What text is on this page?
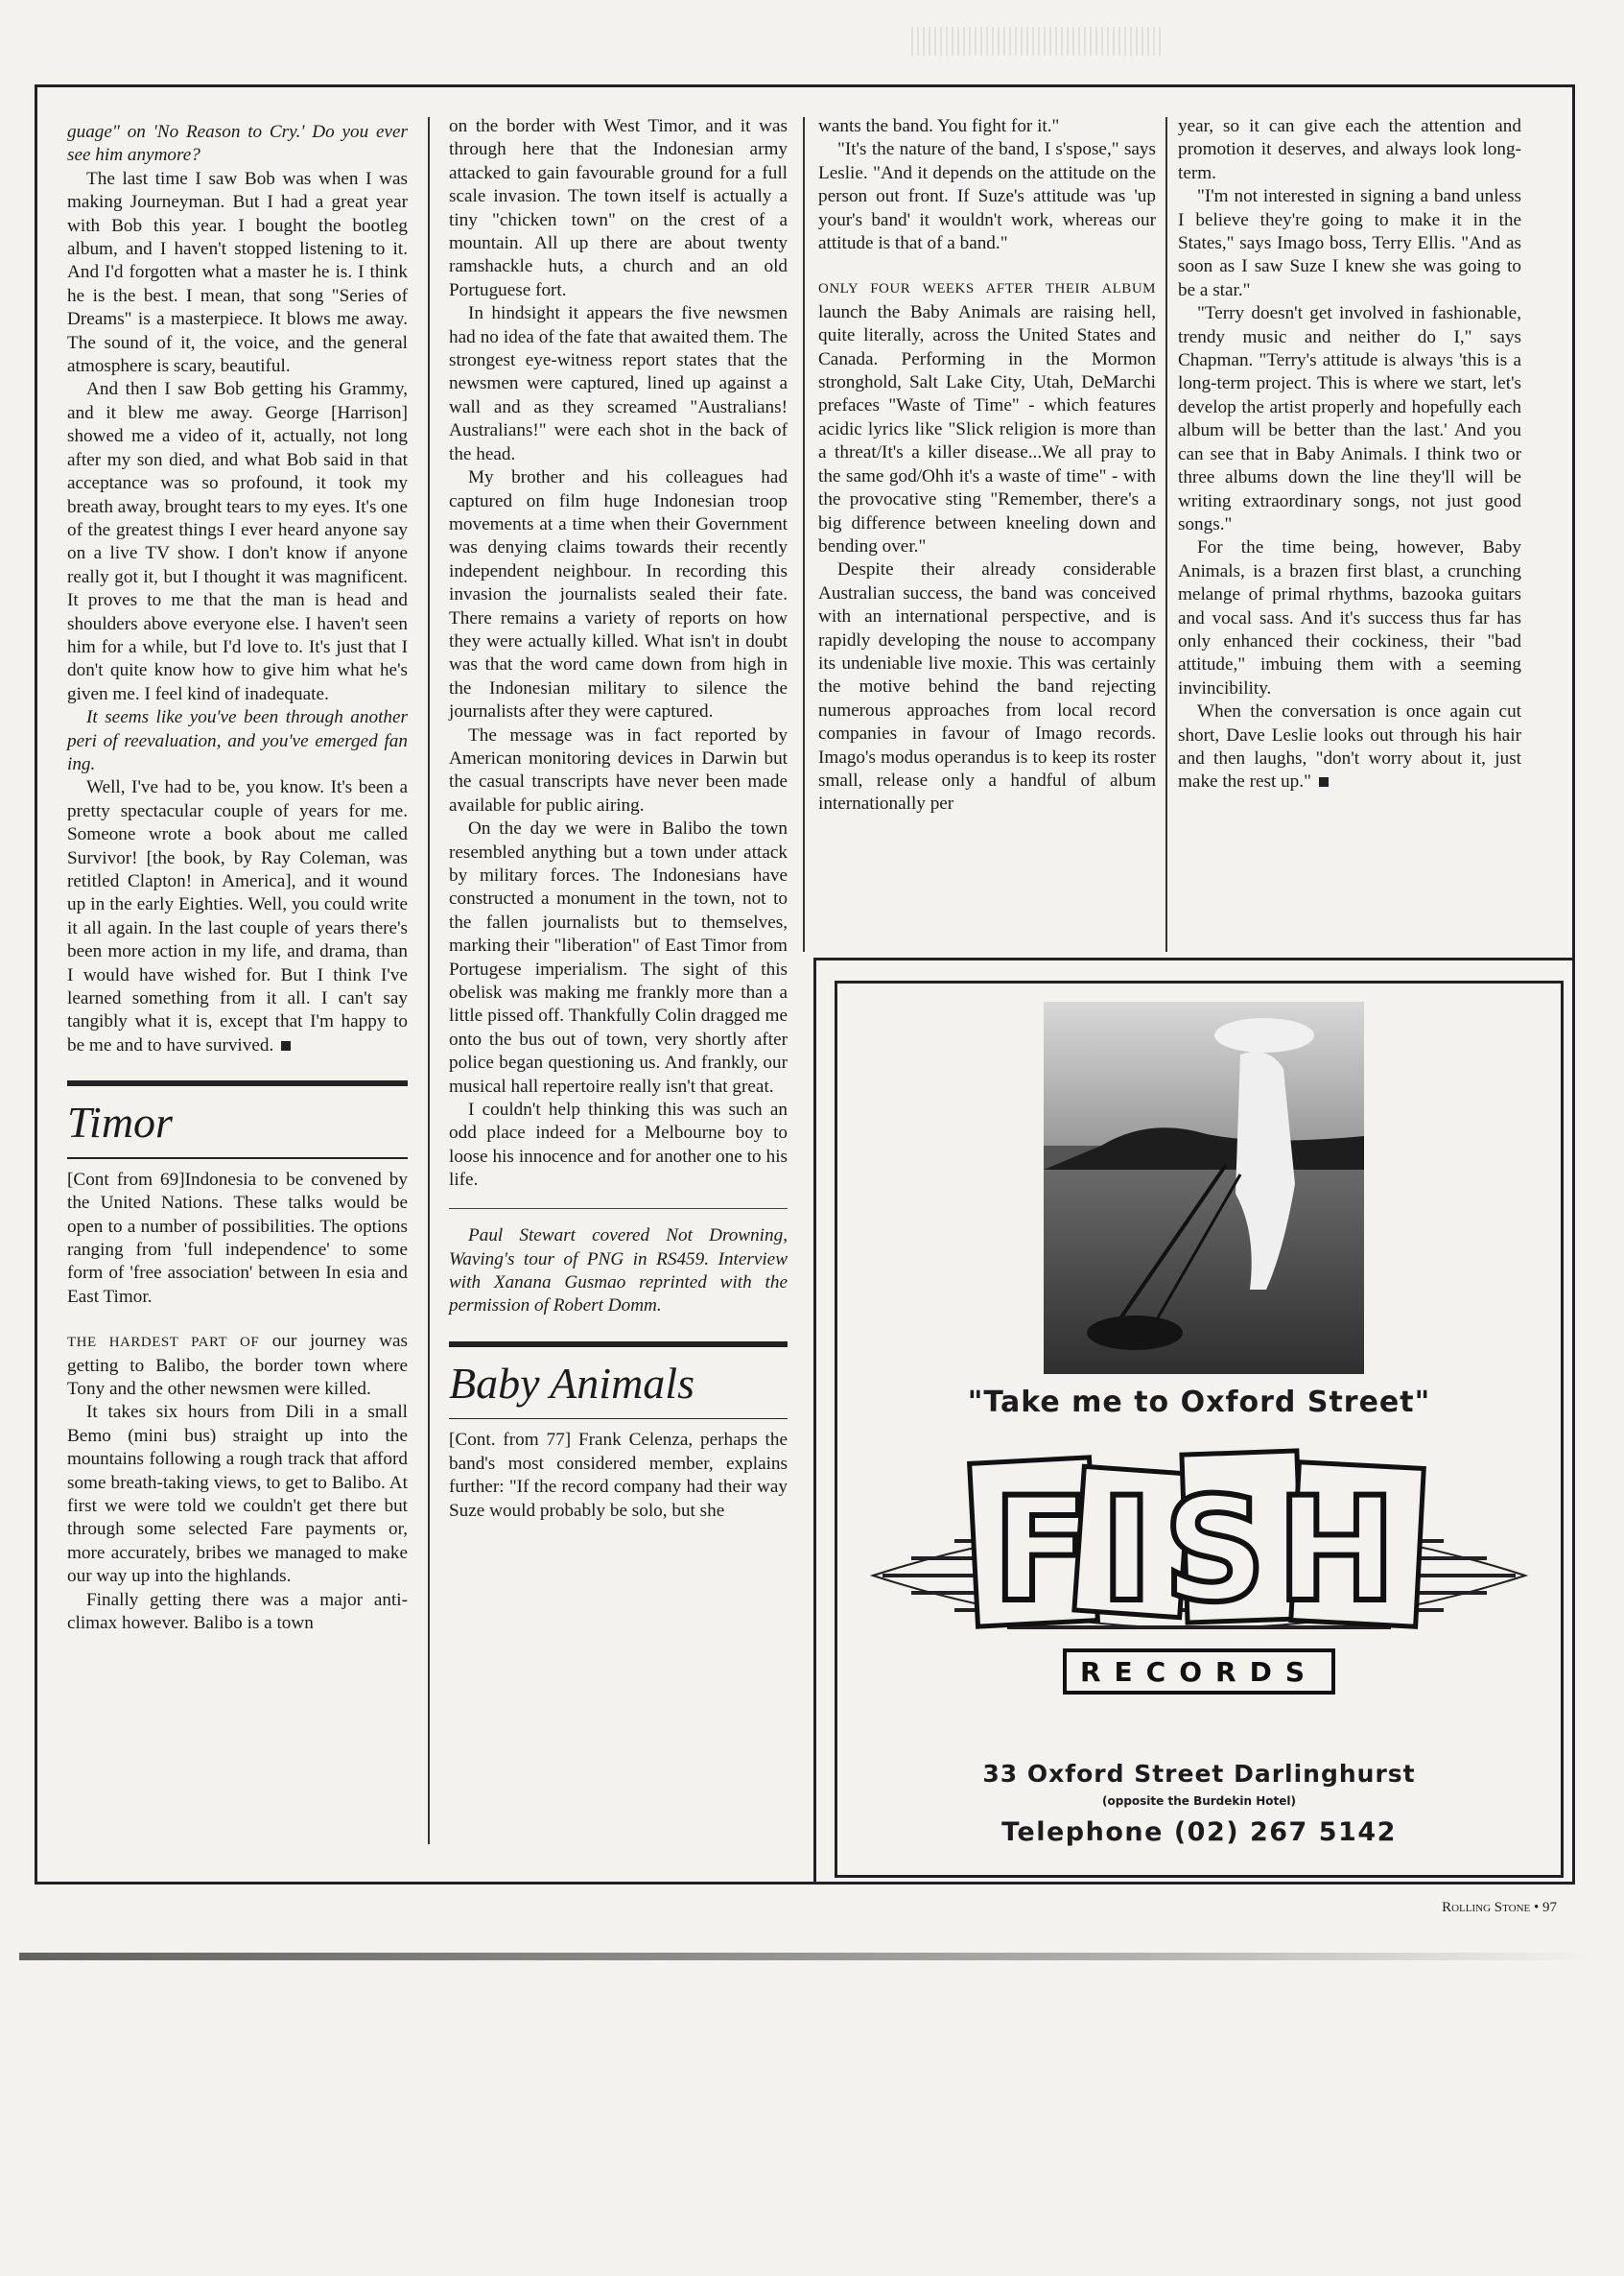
guage" on 'No Reason to Cry.' Do you ever see him anymore?

The last time I saw Bob was when I was making Journeyman. But I had a great year with Bob this year. I bought the bootleg album, and I haven't stopped listening to it. And I'd forgotten what a master he is. I think he is the best. I mean, that song "Series of Dreams" is a masterpiece. It blows me away. The sound of it, the voice, and the general atmosphere is scary, beautiful.

And then I saw Bob getting his Grammy, and it blew me away. George [Harrison] showed me a video of it, actually, not long after my son died, and what Bob said in that acceptance was so profound, it took my breath away, brought tears to my eyes. It's one of the greatest things I ever heard anyone say on a live TV show. I don't know if anyone really got it, but I thought it was magnificent. It proves to me that the man is head and shoulders above everyone else. I haven't seen him for a while, but I'd love to. It's just that I don't quite know how to give him what he's given me. I feel kind of inadequate.

It seems like you've been through another peri of reevaluation, and you've emerged fan ing.

Well, I've had to be, you know. It's been a pretty spectacular couple of years for me. Someone wrote a book about me called Survivor! [the book, by Ray Coleman, was retitled Clapton! in America], and it wound up in the early Eighties. Well, you could write it all again. In the last couple of years there's been more action in my life, and drama, than I would have wished for. But I think I've learned something from it all. I can't say tangibly what it is, except that I'm happy to be me and to have survived.

Timor

[Cont from 69]Indonesia to be convened by the United Nations. These talks would be open to a number of possibilities. The options ranging from 'full independence' to some form of 'free association' between In esia and East Timor.

THE HARDEST PART OF our journey was getting to Balibo, the border town where Tony and the other newsmen were killed.

It takes six hours from Dili in a small Bemo (mini bus) straight up into the mountains following a rough track that afford some breath-taking views, to get to Balibo. At first we were told we couldn't get there but through some selected Fare payments or, more accurately, bribes we managed to make our way up into the highlands.

Finally getting there was a major anti-climax however. Balibo is a town

on the border with West Timor, and it was through here that the Indonesian army attacked to gain favourable ground for a full scale invasion. The town itself is actually a tiny "chicken town" on the crest of a mountain. All up there are about twenty ramshackle huts, a church and an old Portuguese fort.

In hindsight it appears the five newsmen had no idea of the fate that awaited them. The strongest eye-witness report states that the newsmen were captured, lined up against a wall and as they screamed "Australians! Australians!" were each shot in the back of the head.

My brother and his colleagues had captured on film huge Indonesian troop movements at a time when their Government was denying claims towards their recently independent neighbour. In recording this invasion the journalists sealed their fate. There remains a variety of reports on how they were actually killed. What isn't in doubt was that the word came down from high in the Indonesian military to silence the journalists after they were captured.

The message was in fact reported by American monitoring devices in Darwin but the casual transcripts have never been made available for public airing.

On the day we were in Balibo the town resembled anything but a town under attack by military forces. The Indonesians have constructed a monument in the town, not to the fallen journalists but to themselves, marking their "liberation" of East Timor from Portugese imperialism. The sight of this obelisk was making me frankly more than a little pissed off. Thankfully Colin dragged me onto the bus out of town, very shortly after police began questioning us. And frankly, our musical hall repertoire really isn't that great.

I couldn't help thinking this was such an odd place indeed for a Melbourne boy to loose his innocence and for another one to his life.

Paul Stewart covered Not Drowning, Waving's tour of PNG in RS459. Interview with Xanana Gusmao reprinted with the permission of Robert Domm.

Baby Animals

[Cont. from 77] Frank Celenza, perhaps the band's most considered member, explains further: "If the record company had their way Suze would probably be solo, but she

wants the band. You fight for it."

"It's the nature of the band, I s'spose," says Leslie. "And it depends on the attitude on the person out front. If Suze's attitude was 'up your's band' it wouldn't work, whereas our attitude is that of a band."

ONLY FOUR WEEKS AFTER THEIR ALBUM launch the Baby Animals are raising hell, quite literally, across the United States and Canada. Performing in the Mormon stronghold, Salt Lake City, Utah, DeMarchi prefaces "Waste of Time" - which features acidic lyrics like "Slick religion is more than a threat/It's a killer disease...We all pray to the same god/Ohh it's a waste of time" - with the provocative sting "Remember, there's a big difference between kneeling down and bending over."

Despite their already considerable Australian success, the band was conceived with an international perspective, and is rapidly developing the nouse to accompany its undeniable live moxie. This was certainly the motive behind the band rejecting numerous approaches from local record companies in favour of Imago records. Imago's modus operandus is to keep its roster small, release only a handful of album internationally per

year, so it can give each the attention and promotion it deserves, and always look long-term.

"I'm not interested in signing a band unless I believe they're going to make it in the States," says Imago boss, Terry Ellis. "And as soon as I saw Suze I knew she was going to be a star."

"Terry doesn't get involved in fashionable, trendy music and neither do I," says Chapman. "Terry's attitude is always 'this is a long-term project. This is where we start, let's develop the artist properly and hopefully each album will be better than the last.' And you can see that in Baby Animals. I think two or three albums down the line they'll will be writing extraordinary songs, not just good songs."

For the time being, however, Baby Animals, is a brazen first blast, a crunching melange of primal rhythms, bazooka guitars and vocal sass. And it's success thus far has only enhanced their cockiness, their "bad attitude," imbuing them with a seeming invincibility.

When the conversation is once again cut short, Dave Leslie looks out through his hair and then laughs, "don't worry about it, just make the rest up."

"Take me to Oxford Street"
FISH
RECORDS
33 Oxford Street Darlinghurst
(opposite the Burdekin Hotel)
Telephone (02) 267 5142
Rolling Stone • 97
